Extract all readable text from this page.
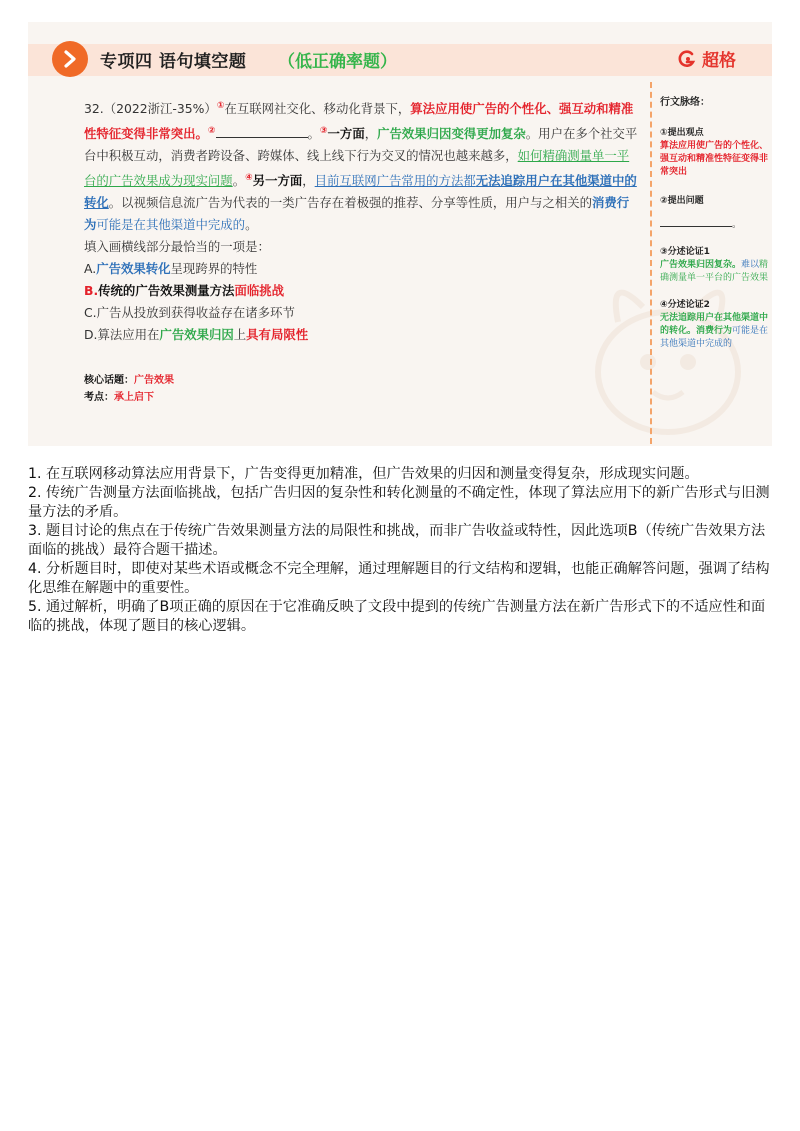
专项四 语句填空题 （低正确率题）	超格

32.（2022浙江-35%）①在互联网社交化、移动化背景下，算法应用使广告的个性化、强互动和精准性特征变得非常突出。②	。③一方面，广告效果归因变得更加复杂。用户在多个社交平台中积极互动，消费者跨设备、跨媒体、线上线下行为交叉的情况也越来越多，如何精确测量单一平台的广告效果成为现实问题。④另一方面，目前互联网广告常用的方法都无法追踪用户在其他渠道中的转化。以视频信息流广告为代表的一类广告存在着极强的推荐、分享等性质，用户与之相关的消费行为可能是在其他渠道中完成的。

填入画横线部分最恰当的一项是：

A.广告效果转化呈现跨界的特性
B.传统的广告效果测量方法面临挑战
C.广告从投放到获得收益存在诸多环节
D.算法应用在广告效果归因上具有局限性
核心话题：广告效果
考点：承上启下
行文脉络：
①提出观点
算法应用使广告的个性化、强互动和精准性特征变得非常突出
②提出问题
。
③分述论证1
广告效果归因复杂。难以精确测量单一平台的广告效果
④分述论证2
无法追踪用户在其他渠道中的转化。消费行为可能是在其他渠道中完成的

1. 在互联网移动算法应用背景下，广告变得更加精准，但广告效果的归因和测量变得复杂，形成现实问题。

2. 传统广告测量方法面临挑战，包括广告归因的复杂性和转化测量的不确定性，体现了算法应用下的新广告形式与旧测量方法的矛盾。

3. 题目讨论的焦点在于传统广告效果测量方法的局限性和挑战，而非广告收益或特性，因此选项B（传统广告效果方法面临的挑战）最符合题干描述。

4. 分析题目时，即使对某些术语或概念不完全理解，通过理解题目的行文结构和逻辑，也能正确解答问题，强调了结构化思维在解题中的重要性。

5. 通过解析，明确了B项正确的原因在于它准确反映了文段中提到的传统广告测量方法在新广告形式下的不适应性和面临的挑战，体现了题目的核心逻辑。
